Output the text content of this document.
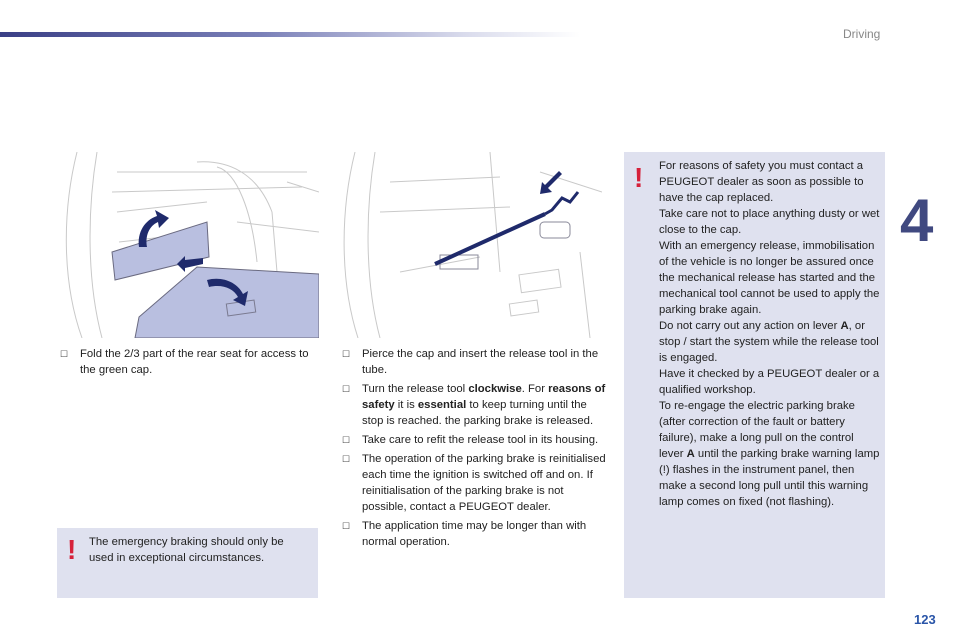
Driving
4
123
☐ Fold the 2/3 part of the rear seat for access to the green cap.
☐ Pierce the cap and insert the release tool in the tube.
☐ Turn the release tool clockwise. For reasons of safety it is essential to keep turning until the stop is reached. the parking brake is released.
☐ Take care to refit the release tool in its housing.
☐ The operation of the parking brake is reinitialised each time the ignition is switched off and on. If reinitialisation of the parking brake is not possible, contact a PEUGEOT dealer.
☐ The application time may be longer than with normal operation.
! The emergency braking should only be used in exceptional circumstances.
! For reasons of safety you must contact a PEUGEOT dealer as soon as possible to have the cap replaced.

Take care not to place anything dusty or wet close to the cap.

With an emergency release, immobilisation of the vehicle is no longer be assured once the mechanical release has started and the mechanical tool cannot be used to apply the parking brake again.

Do not carry out any action on lever A, or stop / start the system while the release tool is engaged.

Have it checked by a PEUGEOT dealer or a qualified workshop.

To re-engage the electric parking brake (after correction of the fault or battery failure), make a long pull on the control lever A until the parking brake warning lamp (!) flashes in the instrument panel, then make a second long pull until this warning lamp comes on fixed (not flashing).
